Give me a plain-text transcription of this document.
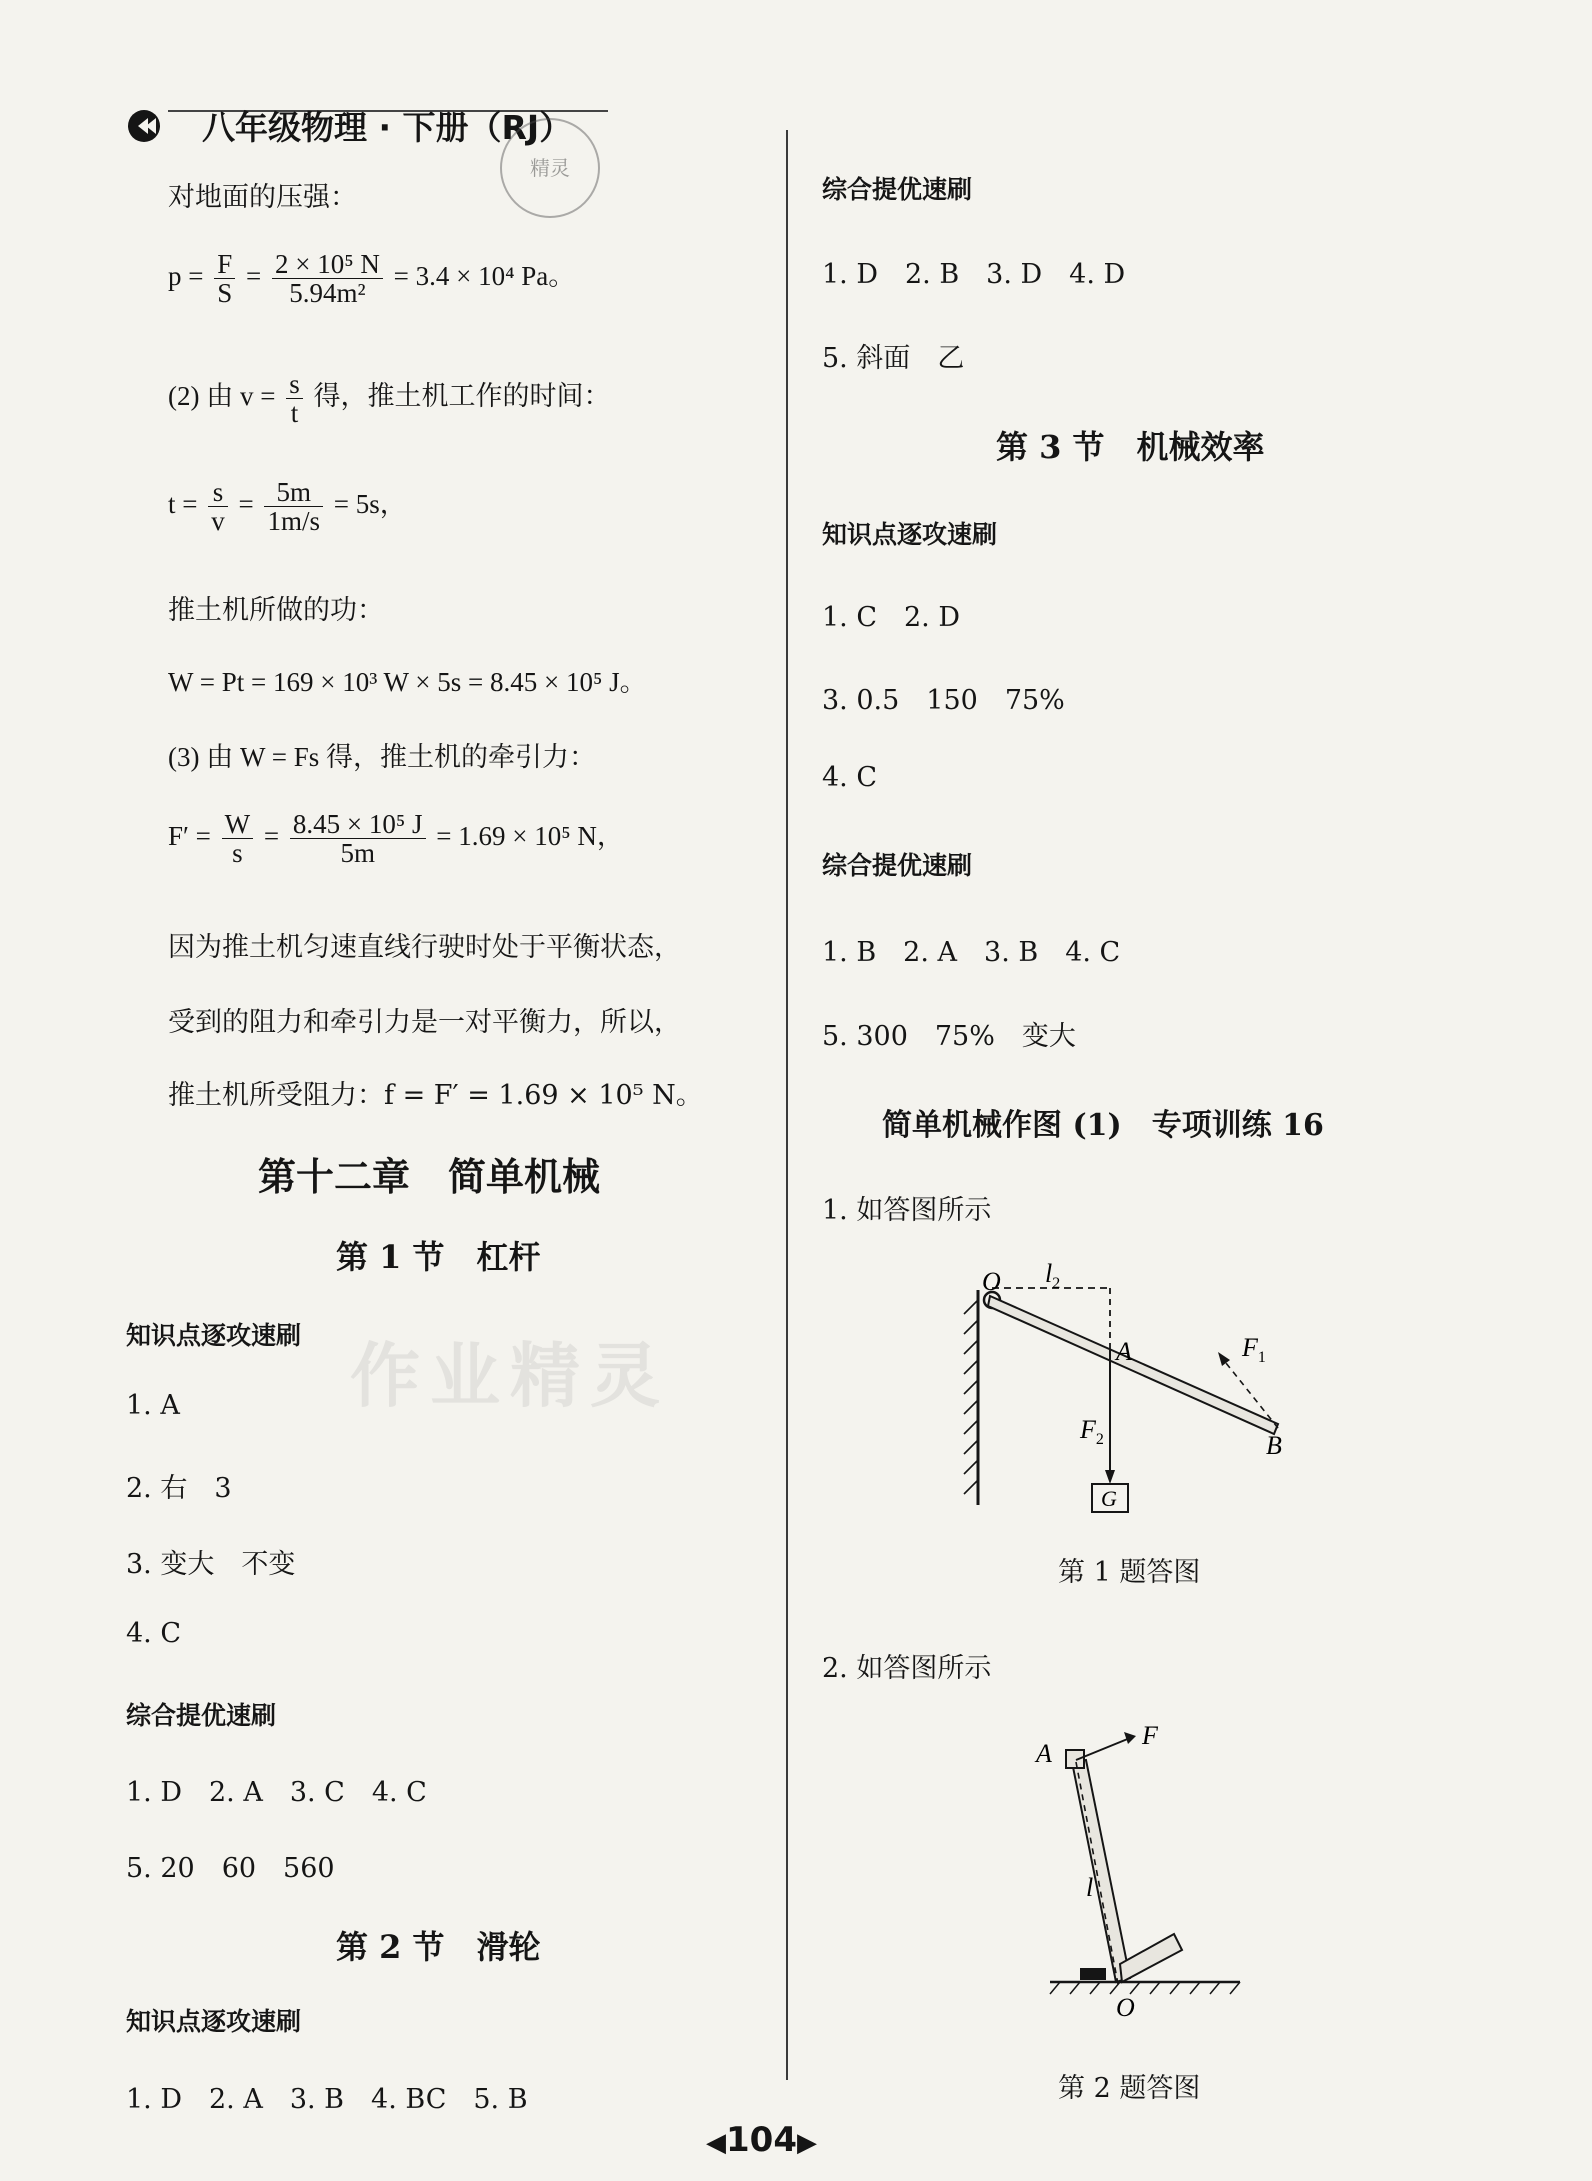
作业精灵
八年级物理 · 下册（RJ）
精灵
对地面的压强：
$p = \frac{F}{S} = \frac{\text{2 × 10⁵ N}}{\text{5.94m²}} = 3.4 \times 10^4$ Pa。
(2) 由 $v = \frac{s}{t}$ 得，推土机工作的时间：
$t = \frac{s}{v} = \frac{5m}{1m/s} = 5s$，
推土机所做的功：
W = Pt = 169 × 10³ W × 5s = 8.45 × 10⁵ J。
(3) 由 W = Fs 得，推土机的牵引力：
$F' = \frac{W}{s} = \frac{\text{8.45 × 10⁵ J}}{5m} = 1.69 \times 10^5$ N，
因为推土机匀速直线行驶时处于平衡状态，
受到的阻力和牵引力是一对平衡力，所以，
推土机所受阻力：f = F′ = 1.69 × 10⁵ N。
第十二章　简单机械
第 1 节　杠杆
知识点逐攻速刷
1. A
2. 右　3
3. 变大　不变
4. C
综合提优速刷
1. D　2. A　3. C　4. C
5. 20　60　560
第 2 节　滑轮
知识点逐攻速刷
1. D　2. A　3. B　4. BC　5. B
综合提优速刷
1. D　2. B　3. D　4. D
5. 斜面　乙
第 3 节　机械效率
知识点逐攻速刷
1. C　2. D
3. 0.5　150　75%
4. C
综合提优速刷
1. B　2. A　3. B　4. C
5. 300　75%　变大
简单机械作图 (1)　专项训练 16
1. 如答图所示
O $l_2$
A	$F_1$
$F_2$	B
G
第 1 题答图
2. 如答图所示
A
F
l
O
第 2 题答图
◀104▶
